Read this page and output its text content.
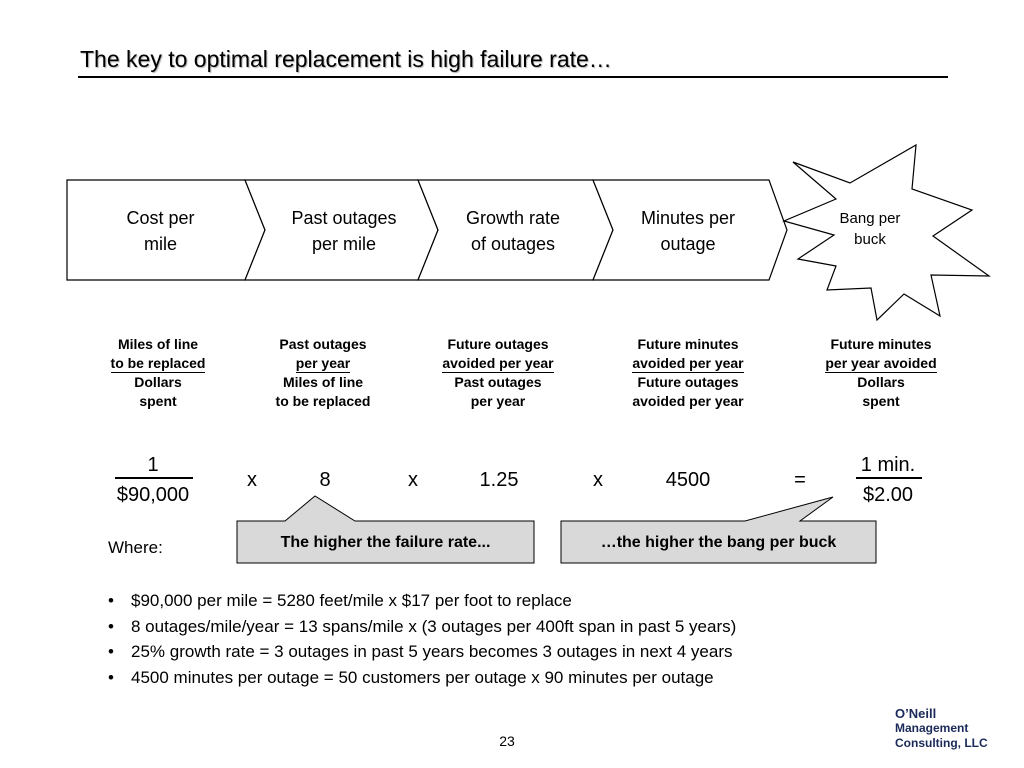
The key to optimal replacement is high failure rate…
Cost per
mile
Past outages
per mile
Growth rate
of outages
Minutes per
outage
Bang per
buck
Miles of line
to be replaced
Dollars
spent
Past outages
per year
Miles of line
to be replaced
Future outages
avoided per year
Past outages
per year
Future minutes
avoided per year
Future outages
avoided per year
Future minutes
per year avoided
Dollars
spent
1
$90,000
x	8	x	1.25	x	4500	=
1 min.
$2.00
The higher the failure rate...	…the higher the bang per buck
Where:
• $90,000 per mile = 5280 feet/mile x $17 per foot to replace
• 8 outages/mile/year = 13 spans/mile x (3 outages per 400ft span in past 5 years)
• 25% growth rate = 3 outages in past 5 years becomes 3 outages in next 4 years
• 4500 minutes per outage = 50 customers per outage x 90 minutes per outage
23
O’Neill
Management
Consulting, LLC
